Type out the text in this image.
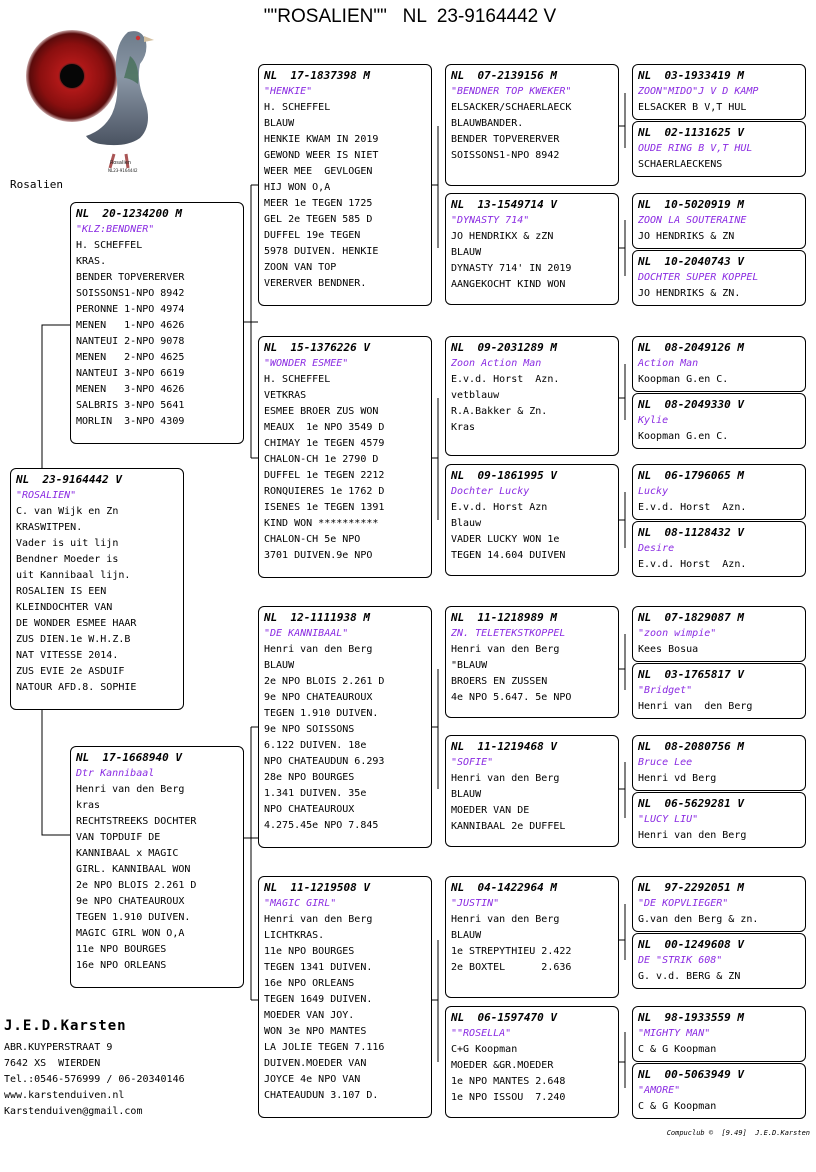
""ROSALIEN""   NL  23-9164442 V
Rosalien
NL23-9164442
Rosalien
NL  23-9164442 V
"ROSALIEN"
C. van Wijk en Zn
KRASWITPEN.
Vader is uit lijn
Bendner Moeder is
uit Kannibaal lijn.
ROSALIEN IS EEN
KLEINDOCHTER VAN
DE WONDER ESMEE HAAR
ZUS DIEN.1e W.H.Z.B
NAT VITESSE 2014.
ZUS EVIE 2e ASDUIF
NATOUR AFD.8. SOPHIE
NL  20-1234200 M
"KLZ:BENDNER"
H. SCHEFFEL
KRAS.
BENDER TOPVERERVER
SOISSONS1-NPO 8942
PERONNE 1-NPO 4974
MENEN   1-NPO 4626
NANTEUI 2-NPO 9078
MENEN   2-NPO 4625
NANTEUI 3-NPO 6619
MENEN   3-NPO 4626
SALBRIS 3-NPO 5641
MORLIN  3-NPO 4309
NL  17-1668940 V
Dtr Kannibaal
Henri van den Berg
kras
RECHTSTREEKS DOCHTER
VAN TOPDUIF DE
KANNIBAAL x MAGIC
GIRL. KANNIBAAL WON
2e NPO BLOIS 2.261 D
9e NPO CHATEAUROUX
TEGEN 1.910 DUIVEN.
MAGIC GIRL WON O,A
11e NPO BOURGES
16e NPO ORLEANS
NL  17-1837398 M
"HENKIE"
H. SCHEFFEL
BLAUW
HENKIE KWAM IN 2019
GEWOND WEER IS NIET
WEER MEE  GEVLOGEN
HIJ WON O,A
MEER 1e TEGEN 1725
GEL 2e TEGEN 585 D
DUFFEL 19e TEGEN
5978 DUIVEN. HENKIE
ZOON VAN TOP
VERERVER BENDNER.
NL  15-1376226 V
"WONDER ESMEE"
H. SCHEFFEL
VETKRAS
ESMEE BROER ZUS WON
MEAUX  1e NPO 3549 D
CHIMAY 1e TEGEN 4579
CHALON-CH 1e 2790 D
DUFFEL 1e TEGEN 2212
RONQUIERES 1e 1762 D
ISENES 1e TEGEN 1391
KIND WON **********
CHALON-CH 5e NPO
3701 DUIVEN.9e NPO
NL  12-1111938 M
"DE KANNIBAAL"
Henri van den Berg
BLAUW
2e NPO BLOIS 2.261 D
9e NPO CHATEAUROUX
TEGEN 1.910 DUIVEN.
9e NPO SOISSONS
6.122 DUIVEN. 18e
NPO CHATEAUDUN 6.293
28e NPO BOURGES
1.341 DUIVEN. 35e
NPO CHATEAUROUX
4.275.45e NPO 7.845
NL  11-1219508 V
"MAGIC GIRL"
Henri van den Berg
LICHTKRAS.
11e NPO BOURGES
TEGEN 1341 DUIVEN.
16e NPO ORLEANS
TEGEN 1649 DUIVEN.
MOEDER VAN JOY.
WON 3e NPO MANTES
LA JOLIE TEGEN 7.116
DUIVEN.MOEDER VAN
JOYCE 4e NPO VAN
CHATEAUDUN 3.107 D.
NL  07-2139156 M
"BENDNER TOP KWEKER"
ELSACKER/SCHAERLAECK
BLAUWBANDER.
BENDER TOPVERERVER
SOISSONS1-NPO 8942
NL  13-1549714 V
"DYNASTY 714"
JO HENDRIKX & zZN
BLAUW
DYNASTY 714' IN 2019
AANGEKOCHT KIND WON
NL  09-2031289 M
Zoon Action Man
E.v.d. Horst  Azn.
vetblauw
R.A.Bakker & Zn.
Kras
NL  09-1861995 V
Dochter Lucky
E.v.d. Horst Azn
Blauw
VADER LUCKY WON 1e
TEGEN 14.604 DUIVEN
NL  11-1218989 M
ZN. TELETEKSTKOPPEL
Henri van den Berg
"BLAUW
BROERS EN ZUSSEN
4e NPO 5.647. 5e NPO
NL  11-1219468 V
"SOFIE"
Henri van den Berg
BLAUW
MOEDER VAN DE
KANNIBAAL 2e DUFFEL
NL  04-1422964 M
"JUSTIN"
Henri van den Berg
BLAUW
1e STREPYTHIEU 2.422
2e BOXTEL      2.636
NL  06-1597470 V
""ROSELLA"
C+G Koopman
MOEDER &GR.MOEDER
1e NPO MANTES 2.648
1e NPO ISSOU  7.240
NL  03-1933419 M
ZOON"MIDO"J V D KAMP
ELSACKER B V,T HUL
NL  02-1131625 V
OUDE RING B V,T HUL
SCHAERLAECKENS
NL  10-5020919 M
ZOON LA SOUTERAINE
JO HENDRIKS & ZN
NL  10-2040743 V
DOCHTER SUPER KOPPEL
JO HENDRIKS & ZN.
NL  08-2049126 M
Action Man
Koopman G.en C.
NL  08-2049330 V
Kylie
Koopman G.en C.
NL  06-1796065 M
Lucky
E.v.d. Horst  Azn.
NL  08-1128432 V
Desire
E.v.d. Horst  Azn.
NL  07-1829087 M
"zoon wimpie"
Kees Bosua
NL  03-1765817 V
"Bridget"
Henri van  den Berg
NL  08-2080756 M
Bruce Lee
Henri vd Berg
NL  06-5629281 V
"LUCY LIU"
Henri van den Berg
NL  97-2292051 M
"DE KOPVLIEGER"
G.van den Berg & zn.
NL  00-1249608 V
DE "STRIK 608"
G. v.d. BERG & ZN
NL  98-1933559 M
"MIGHTY MAN"
C & G Koopman
NL  00-5063949 V
"AMORE"
C & G Koopman
J.E.D.Karsten
ABR.KUYPERSTRAAT 9
7642 XS  WIERDEN
Tel.:0546-576999 / 06-20340146
www.karstenduiven.nl
Karstenduiven@gmail.com
Compuclub ©  [9.49]  J.E.D.Karsten
